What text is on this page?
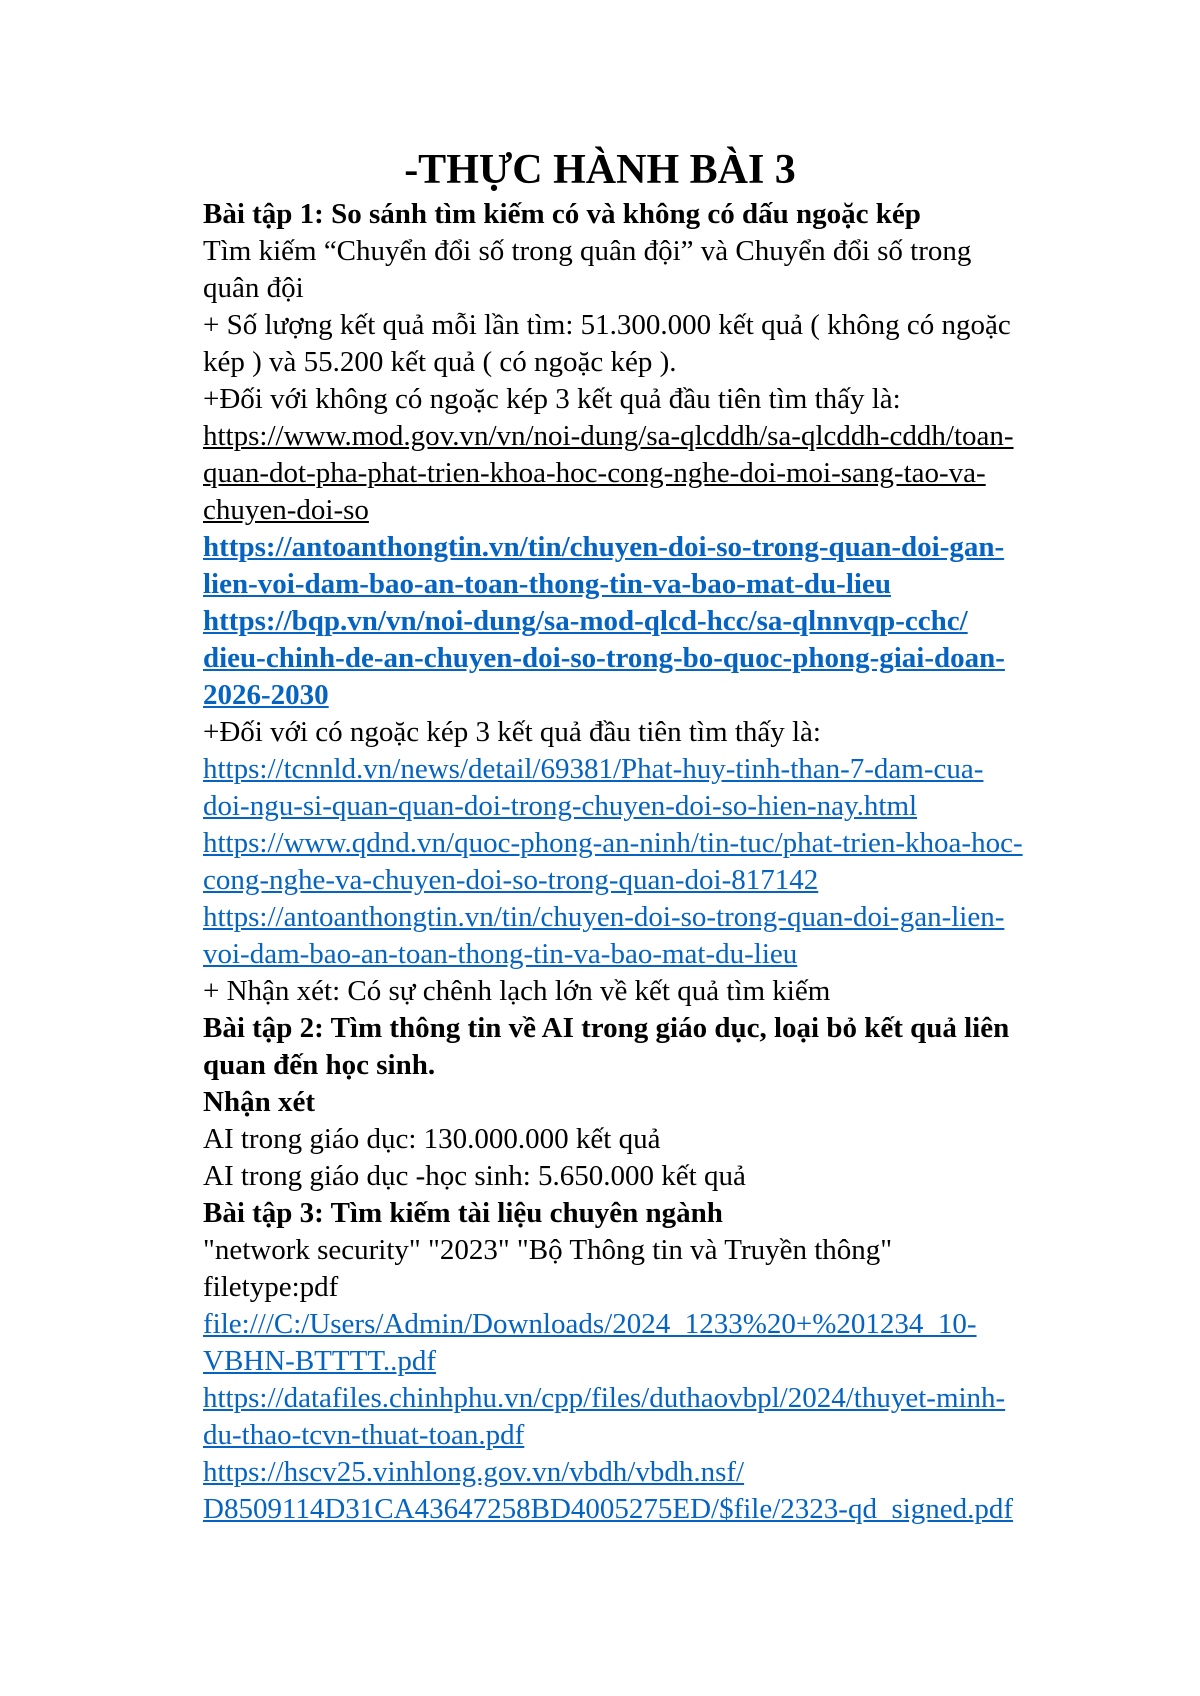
-THỰC HÀNH BÀI 3
Bài tập 1: So sánh tìm kiếm có và không có dấu ngoặc kép
Tìm kiếm “Chuyển đổi số trong quân đội” và Chuyển đổi số trong
quân đội
+ Số lượng kết quả mỗi lần tìm: 51.300.000 kết quả ( không có ngoặc
kép ) và 55.200 kết quả ( có ngoặc kép ).
+Đối với không có ngoặc kép 3 kết quả đầu tiên tìm thấy là:
https://www.mod.gov.vn/vn/noi-dung/sa-qlcddh/sa-qlcddh-cddh/toan-
quan-dot-pha-phat-trien-khoa-hoc-cong-nghe-doi-moi-sang-tao-va-
chuyen-doi-so
https://antoanthongtin.vn/tin/chuyen-doi-so-trong-quan-doi-gan-
lien-voi-dam-bao-an-toan-thong-tin-va-bao-mat-du-lieu
https://bqp.vn/vn/noi-dung/sa-mod-qlcd-hcc/sa-qlnnvqp-cchc/
dieu-chinh-de-an-chuyen-doi-so-trong-bo-quoc-phong-giai-doan-
2026-2030
+Đối với có ngoặc kép 3 kết quả đầu tiên tìm thấy là:
https://tcnnld.vn/news/detail/69381/Phat-huy-tinh-than-7-dam-cua-
doi-ngu-si-quan-quan-doi-trong-chuyen-doi-so-hien-nay.html
https://www.qdnd.vn/quoc-phong-an-ninh/tin-tuc/phat-trien-khoa-hoc-
cong-nghe-va-chuyen-doi-so-trong-quan-doi-817142
https://antoanthongtin.vn/tin/chuyen-doi-so-trong-quan-doi-gan-lien-
voi-dam-bao-an-toan-thong-tin-va-bao-mat-du-lieu
+ Nhận xét: Có sự chênh lạch lớn về kết quả tìm kiếm
Bài tập 2: Tìm thông tin về AI trong giáo dục, loại bỏ kết quả liên
quan đến học sinh.
Nhận xét
AI trong giáo dục: 130.000.000 kết quả
AI trong giáo dục -học sinh: 5.650.000 kết quả
Bài tập 3: Tìm kiếm tài liệu chuyên ngành
"network security" "2023" "Bộ Thông tin và Truyền thông"
filetype:pdf
file:///C:/Users/Admin/Downloads/2024_1233%20+%201234_10-
VBHN-BTTTT..pdf
https://datafiles.chinhphu.vn/cpp/files/duthaovbpl/2024/thuyet-minh-
du-thao-tcvn-thuat-toan.pdf
https://hscv25.vinhlong.gov.vn/vbdh/vbdh.nsf/
D8509114D31CA43647258BD4005275ED/$file/2323-qd_signed.pdf
